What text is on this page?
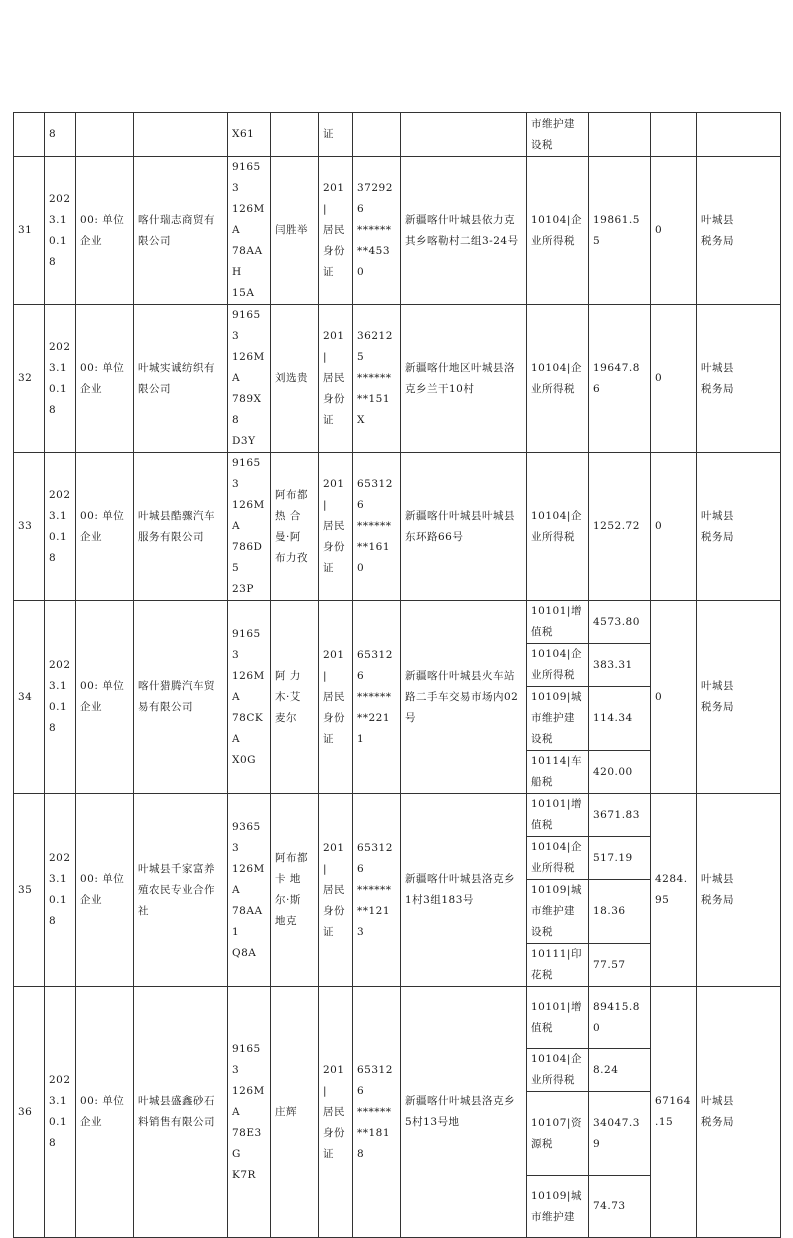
	8			X61		证			市维护建
设税			

31	202
3.1
0.1
8	00: 单位
企业	喀什瑞志商贸有
限公司	91653
126MA
78AAH
15A	闫胜举	201|
居民
身份
证	372926
******
**4530	新疆喀什叶城县依力克
其乡喀勒村二组3-24号	10104|企
业所得税	19861.55	0	叶城县
税务局

32	202
3.1
0.1
8	00: 单位
企业	叶城实诚纺织有
限公司	91653
126MA
789X8
D3Y	刘选贵	201|
居民
身份
证	362125
******
**151X	新疆喀什地区叶城县洛
克乡兰干10村	10104|企
业所得税	19647.86	0	叶城县
税务局

33	202
3.1
0.1
8	00: 单位
企业	叶城县酷骤汽车
服务有限公司	91653
126MA
786D5
23P	阿布都
热 合
曼·阿
布力孜	201|
居民
身份
证	653126
******
**1610	新疆喀什叶城县叶城县
东环路66号	10104|企
业所得税	1252.72	0	叶城县
税务局

34	202
3.1
0.1
8	00: 单位
企业	喀什猎腾汽车贸
易有限公司	91653
126MA
78CKA
X0G	阿 力
木·艾
麦尔	201|
居民
身份
证	653126
******
**2211	新疆喀什叶城县火车站
路二手车交易市场内02
号	10101|增
值税	4573.80	0	叶城县
税务局

									10104|企
业所得税	383.31		

									10109|城
市维护建
设税	114.34		

									10114|车
船税	420.00		

35	202
3.1
0.1
8	00: 单位
企业	叶城县千家富养
殖农民专业合作
社	93653
126MA
78AA1
Q8A	阿布都
卡 地
尔·斯
地克	201|
居民
身份
证	653126
******
**1213	新疆喀什叶城县洛克乡
1村3组183号	10101|增
值税	3671.83	4284.
95	叶城县
税务局

									10104|企
业所得税	517.19		

									10109|城
市维护建
设税	18.36		

									10111|印
花税	77.57		

36	202
3.1
0.1
8	00: 单位
企业	叶城县盛鑫砂石
料销售有限公司	91653
126MA
78E3G
K7R	庄辉	201|
居民
身份
证	653126
******
**1818	新疆喀什叶城县洛克乡
5村13号地	10101|增
值税	89415.80	67164
.15	叶城县
税务局

									10104|企
业所得税	8.24		

									10107|资
源税	34047.39		

									10109|城
市维护建	74.73		
